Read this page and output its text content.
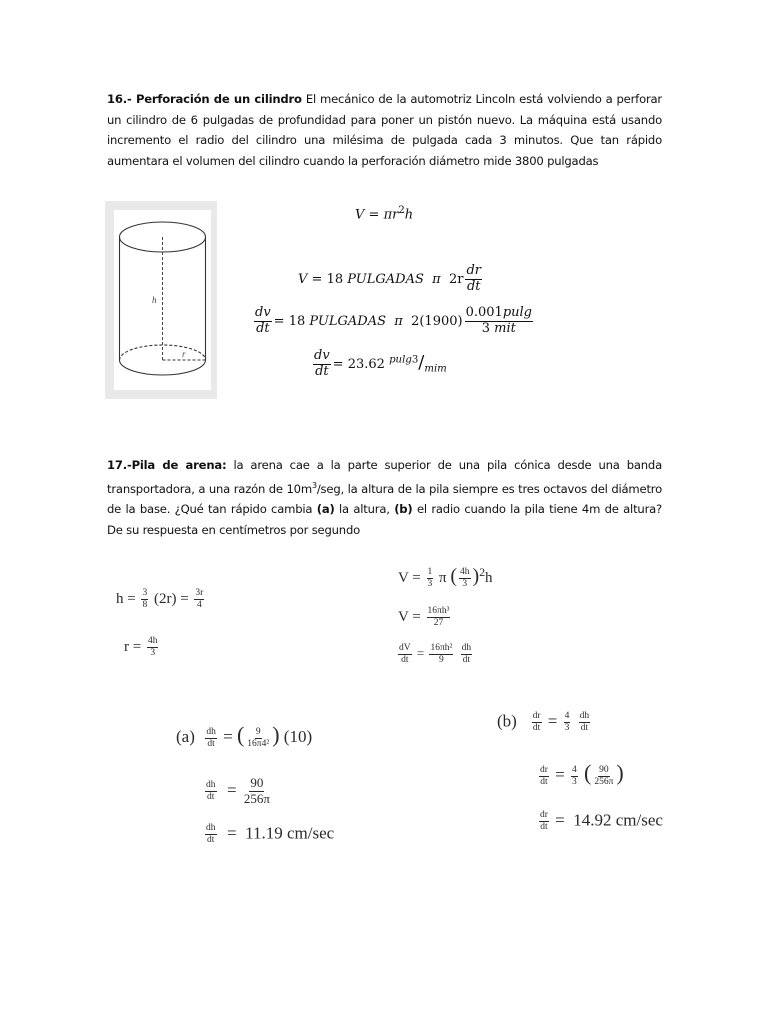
16.- Perforación de un cilindro El mecánico de la automotriz Lincoln está volviendo a perforar un cilindro de 6 pulgadas de profundidad para poner un pistón nuevo. La máquina está usando incremento el radio del cilindro una milésima de pulgada cada 3 minutos. Que tan rápido aumentara el volumen del cilindro cuando la perforación diámetro mide 3800 pulgadas
h
r
$V = \pi r^2h$
V = 18 PULGADAS π $2r \frac{dr}{dt}$
$\frac{dv}{dt} = 18$ PULGADAS π $2(1900) \frac{0.001pulg}{\text{3 mit}}$
$\frac{dv}{dt} = 23.62$ $^{pulg3}/_{mim}$
17.-Pila de arena: la arena cae a la parte superior de una pila cónica desde una banda transportadora, a una razón de $10m^3$/seg, la altura de la pila siempre es tres octavos del diámetro de la base. ¿Qué tan rápido cambia (a) la altura, (b) el radio cuando la pila tiene 4m de altura? De su respuesta en centímetros por segundo
$h = \frac{3}{8} (2r) = \frac{3r}{4}$
$r = \frac{4h}{3}$
$V = \frac{1}{3}$ π ( $\frac{4h}{3} )^2h$
$V = \frac{\text{16πh³}}{27}$
$\frac{dV}{dt} = \frac{\text{16πh²}}{9}$
$\frac{dh}{dt}$
$(a) \frac{dh}{dt}$ = ( $\frac{9}{\text{16π4²}}$ ) (10)
$\frac{dh}{dt} = \frac{90}{256\pi}$
$\frac{dh}{dt} = 11.19$ cm/sec
$(b) \frac{dr}{dt} = \frac{4}{3}$
$\frac{dh}{dt}$
$\frac{dr}{dt} = \frac{4}{3}$ ( $\frac{90}{256\pi}$ )
$\frac{dr}{dt} = 14.92$ cm/sec
